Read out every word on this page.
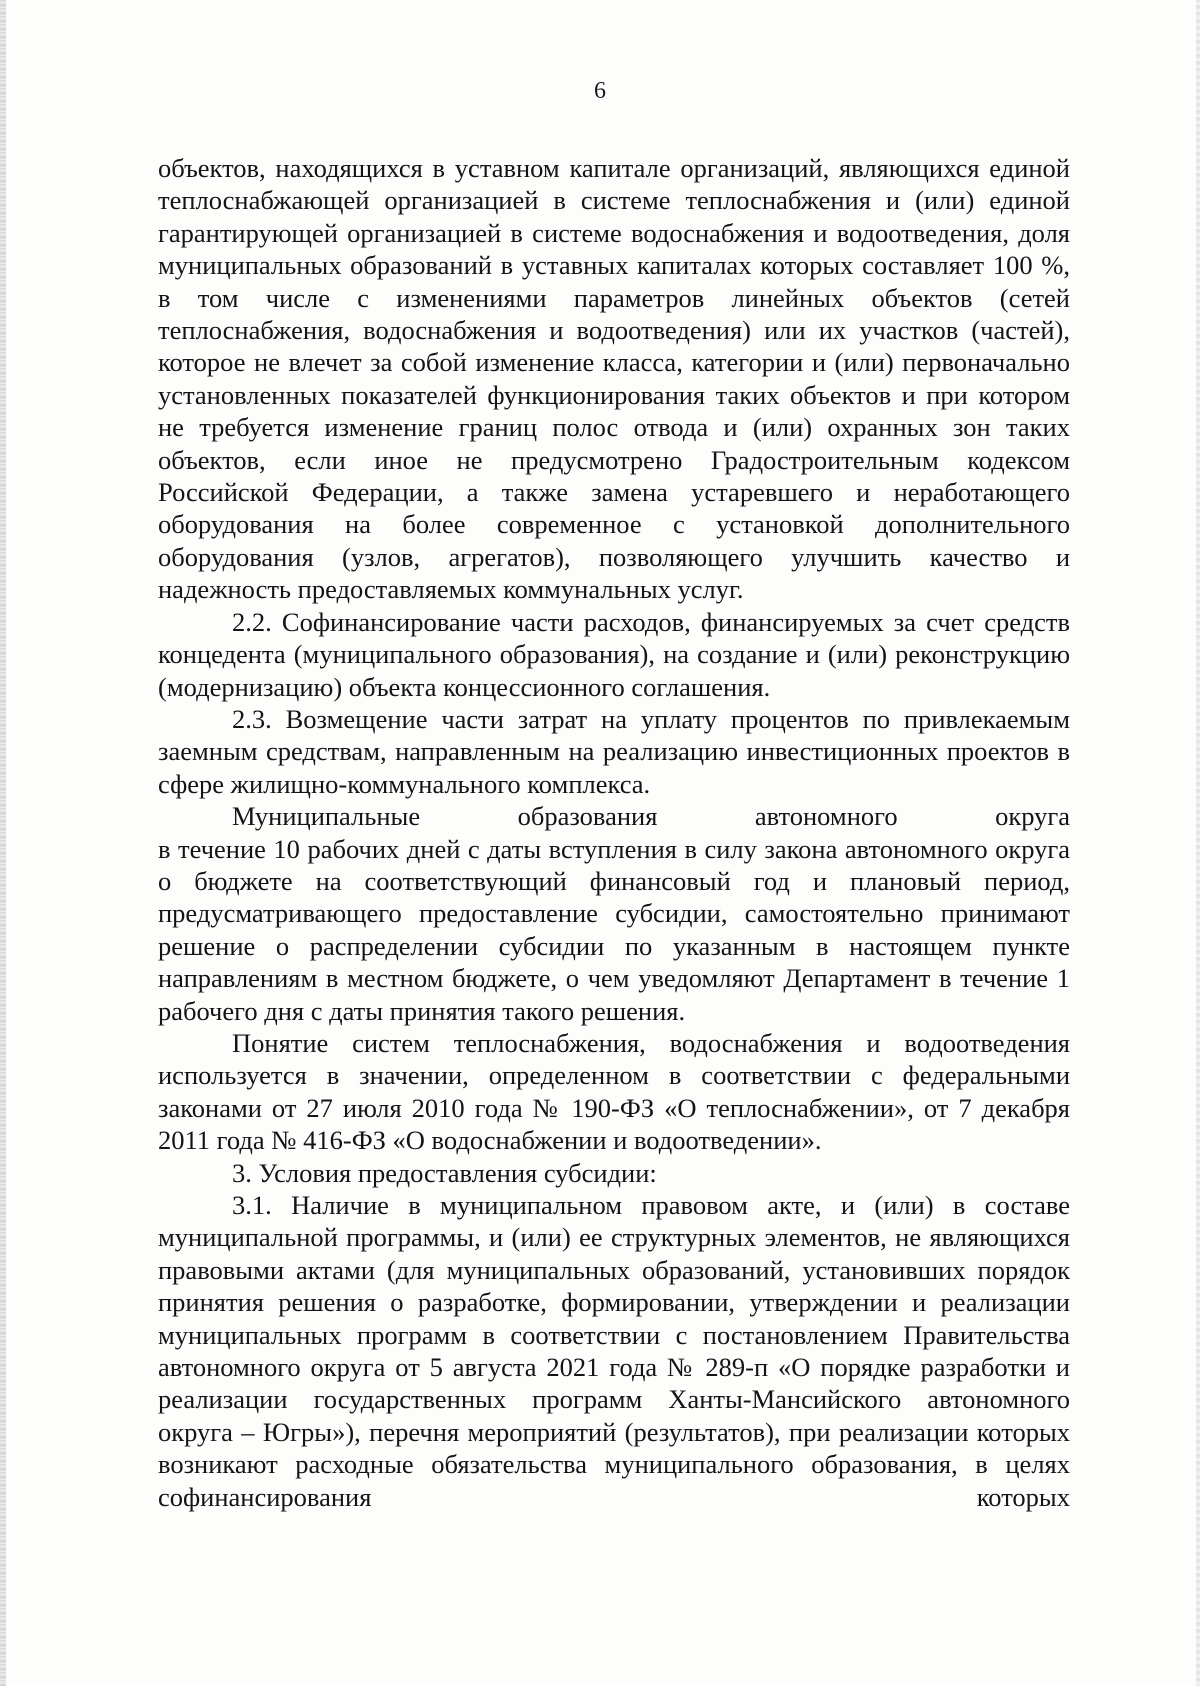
6

объектов, находящихся в уставном капитале организаций, являющихся единой теплоснабжающей организацией в системе теплоснабжения и (или) единой гарантирующей организацией в системе водоснабжения и водоотведения, доля муниципальных образований в уставных капиталах которых составляет 100 %, в том числе с изменениями параметров линейных объектов (сетей теплоснабжения, водоснабжения и водоотведения) или их участков (частей), которое не влечет за собой изменение класса, категории и (или) первоначально установленных показателей функционирования таких объектов и при котором не требуется изменение границ полос отвода и (или) охранных зон таких объектов, если иное не предусмотрено Градостроительным кодексом Российской Федерации, а также замена устаревшего и неработающего оборудования на более современное с установкой дополнительного оборудования (узлов, агрегатов), позволяющего улучшить качество и надежность предоставляемых коммунальных услуг.

2.2. Софинансирование части расходов, финансируемых за счет средств концедента (муниципального образования), на создание и (или) реконструкцию (модернизацию) объекта концессионного соглашения.

2.3. Возмещение части затрат на уплату процентов по привлекаемым заемным средствам, направленным на реализацию инвестиционных проектов в сфере жилищно-коммунального комплекса.

Муниципальные образования автономного округа

в течение 10 рабочих дней с даты вступления в силу закона автономного округа о бюджете на соответствующий финансовый год и плановый период, предусматривающего предоставление субсидии, самостоятельно принимают решение о распределении субсидии по указанным в настоящем пункте направлениям в местном бюджете, о чем уведомляют Департамент в течение 1 рабочего дня с даты принятия такого решения.

Понятие систем теплоснабжения, водоснабжения и водоотведения используется в значении, определенном в соответствии с федеральными законами от 27 июля 2010 года № 190-ФЗ «О теплоснабжении», от 7 декабря 2011 года № 416-ФЗ «О водоснабжении и водоотведении».

3. Условия предоставления субсидии:

3.1. Наличие в муниципальном правовом акте, и (или) в составе муниципальной программы, и (или) ее структурных элементов, не являющихся правовыми актами (для муниципальных образований, установивших порядок принятия решения о разработке, формировании, утверждении и реализации муниципальных программ в соответствии с постановлением Правительства автономного округа от 5 августа 2021 года № 289-п «О порядке разработки и реализации государственных программ Ханты-Мансийского автономного округа – Югры»), перечня мероприятий (результатов), при реализации которых возникают расходные обязательства муниципального образования, в целях софинансирования которых
